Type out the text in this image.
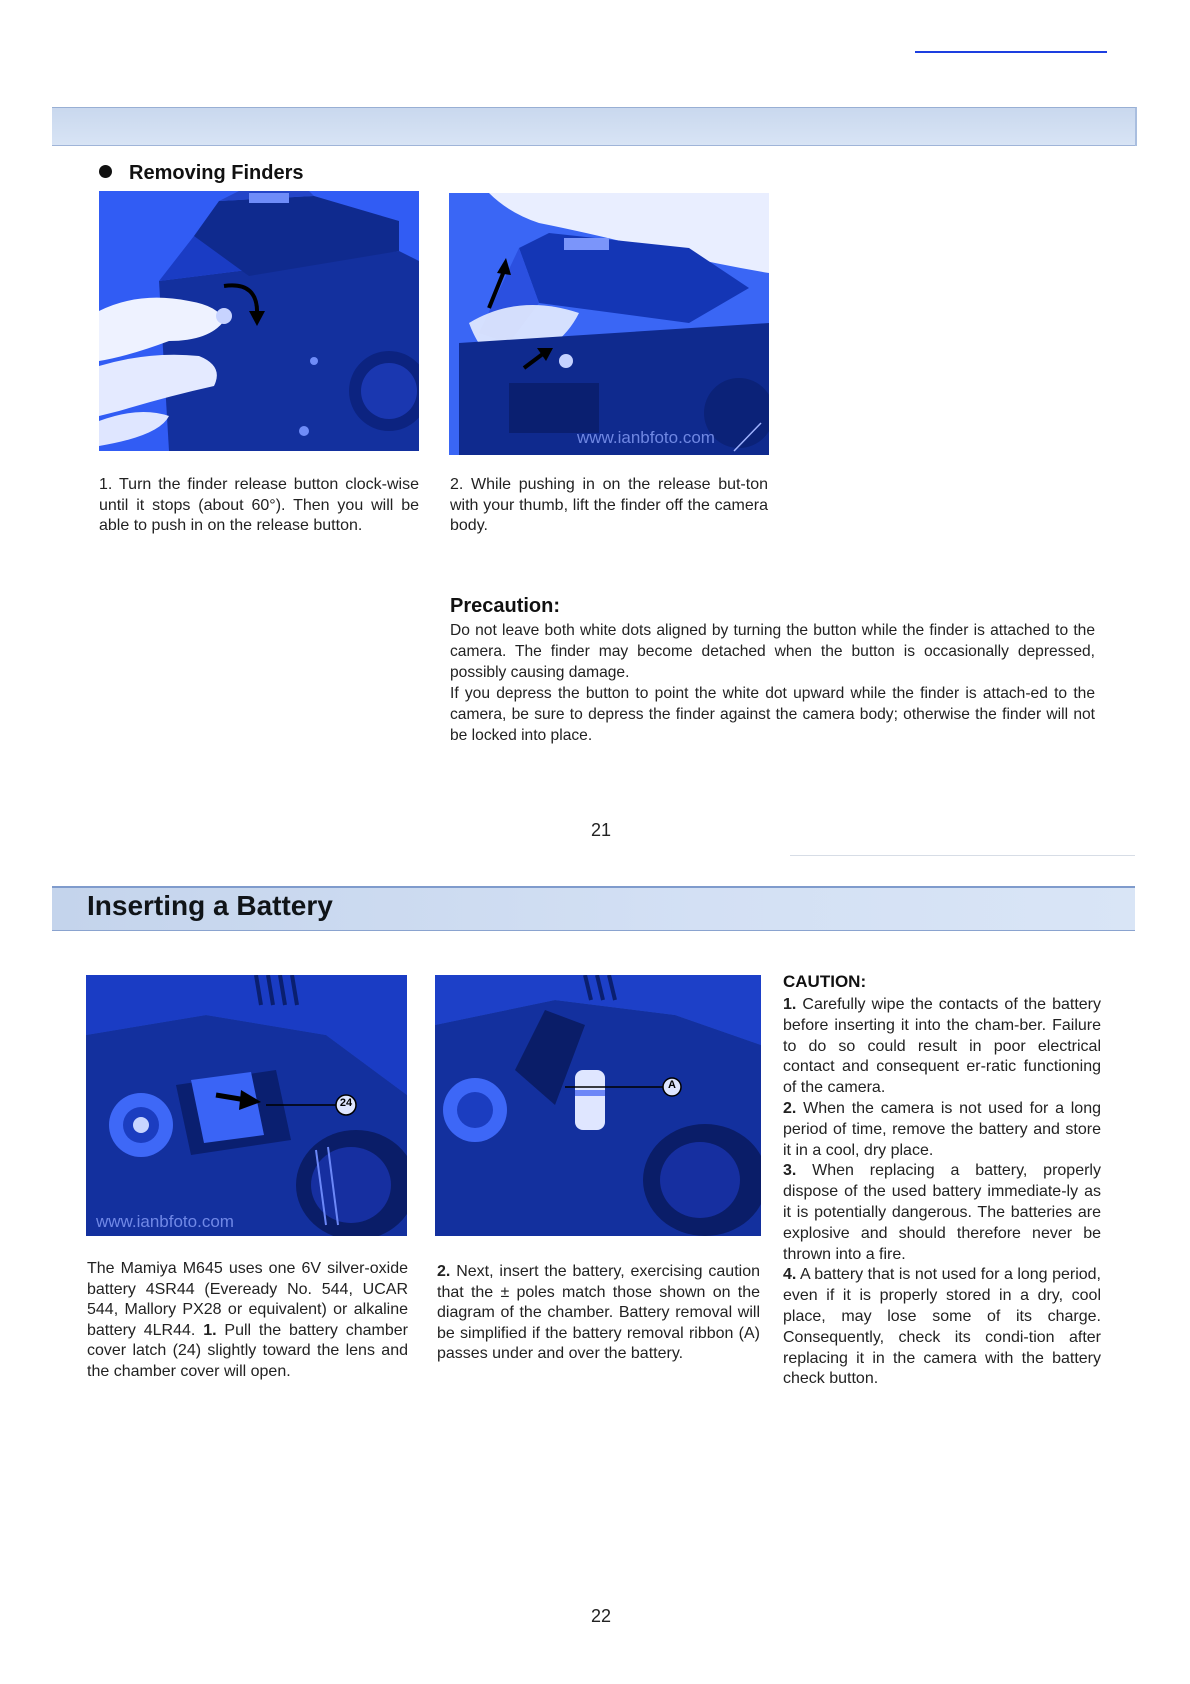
Removing Finders
www.ianbfoto.com
1. Turn the finder release button clock-wise until it stops (about 60°). Then you will be able to push in on the release button.
2. While pushing in on the release but-ton with your thumb, lift the finder off the camera body.
Precaution:

Do not leave both white dots aligned by turning the button while the finder is attached to the camera. The finder may become detached when the button is occasionally depressed, possibly causing damage.

If you depress the button to point the white dot upward while the finder is attach-ed to the camera, be sure to depress the finder against the camera body; otherwise the finder will not be locked into place.

21
Inserting a Battery
24
www.ianbfoto.com
A
The Mamiya M645 uses one 6V silver-oxide battery 4SR44 (Eveready No. 544, UCAR 544, Mallory PX28 or equivalent) or alkaline battery 4LR44. 1. Pull the battery chamber cover latch (24) slightly toward the lens and the chamber cover will open.
2. Next, insert the battery, exercising caution that the ± poles match those shown on the diagram of the chamber. Battery removal will be simplified if the battery removal ribbon (A) passes under and over the battery.
CAUTION:

1. Carefully wipe the contacts of the battery before inserting it into the cham-ber. Failure to do so could result in poor electrical contact and consequent er-ratic functioning of the camera.

2. When the camera is not used for a long period of time, remove the battery and store it in a cool, dry place.

3. When replacing a battery, properly dispose of the used battery immediate-ly as it is potentially dangerous. The batteries are explosive and should therefore never be thrown into a fire.

4. A battery that is not used for a long period, even if it is properly stored in a dry, cool place, may lose some of its charge. Consequently, check its condi-tion after replacing it in the camera with the battery check button.

22
